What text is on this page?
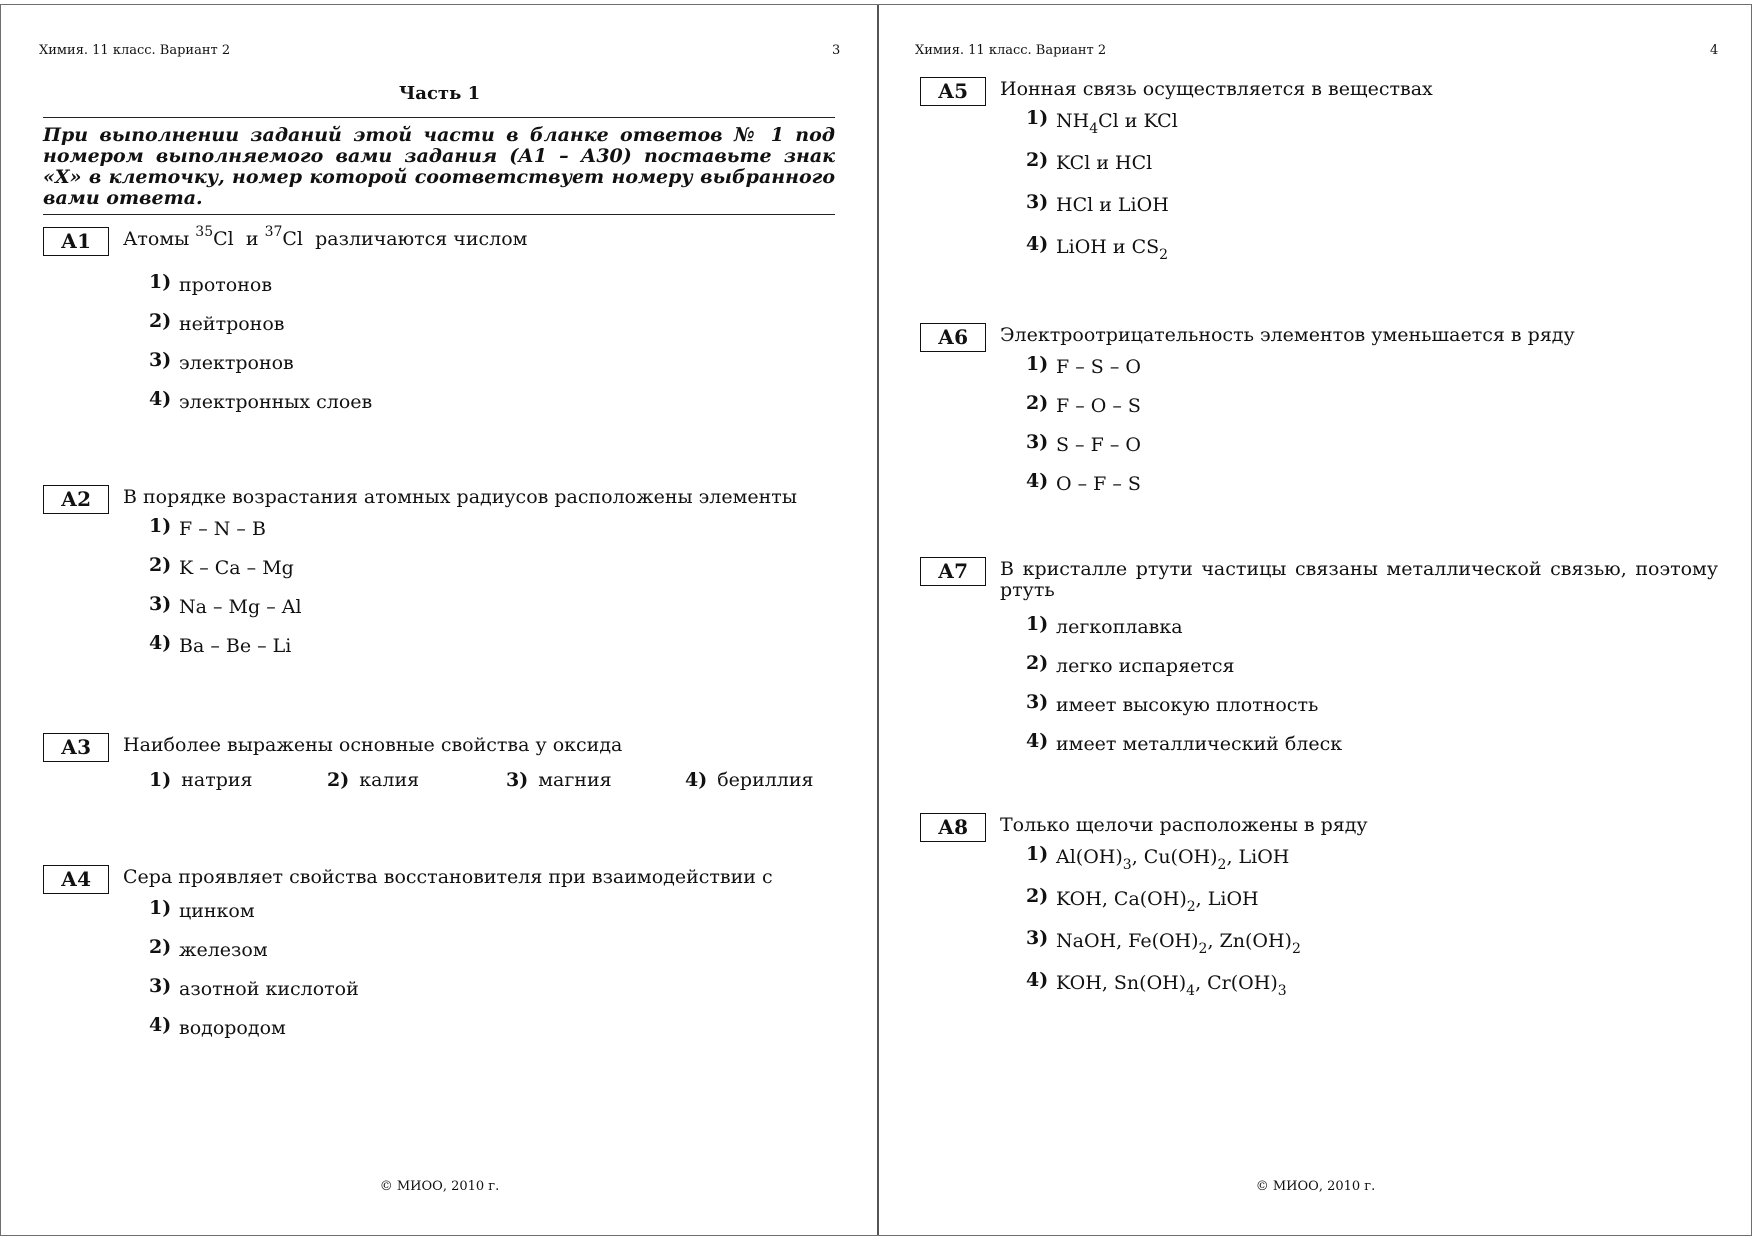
Химия. 11 класс. Вариант 2	3
Часть 1
При выполнении заданий этой части в бланке ответов № 1 под номером выполняемого вами задания (А1 – А30) поставьте знак «Х» в клеточку, номер которой соответствует номеру выбранного вами ответа.
А1	Атомы $^{35}$Cl и $^{37}$Cl различаются числом
1) протонов
2) нейтронов
3) электронов
4) электронных слоев
А2	В порядке возрастания атомных радиусов расположены элементы
1) F – N – B
2) K – Ca – Mg
3) Na – Mg – Al
4) Ba – Be – Li
А3	Наиболее выражены основные свойства у оксида
1) натрия	2) калия	3) магния	4) бериллия
А4	Сера проявляет свойства восстановителя при взаимодействии с
1) цинком
2) железом
3) азотной кислотой
4) водородом
© МИОО, 2010 г.
Химия. 11 класс. Вариант 2	4
А5	Ионная связь осуществляется в веществах
1) $NH_4Cl$ и KCl
2) KCl и HCl
3) HCl и LiOH
4) LiOH и $CS_2$
А6	Электроотрицательность элементов уменьшается в ряду
1) F – S – O
2) F – O – S
3) S – F – O
4) O – F – S
А7	В кристалле ртути частицы связаны металлической связью, поэтому ртуть
1) легкоплавка
2) легко испаряется
3) имеет высокую плотность
4) имеет металлический блеск
А8	Только щелочи расположены в ряду
1) $Al(OH)_3$, $Cu(OH)_2$, LiOH
2) KOH, $Ca(OH)_2$, LiOH
3) NaOH, $Fe(OH)_2$, $Zn(OH)_2$
4) KOH, $Sn(OH)_4$, $Cr(OH)_3$
© МИОО, 2010 г.
